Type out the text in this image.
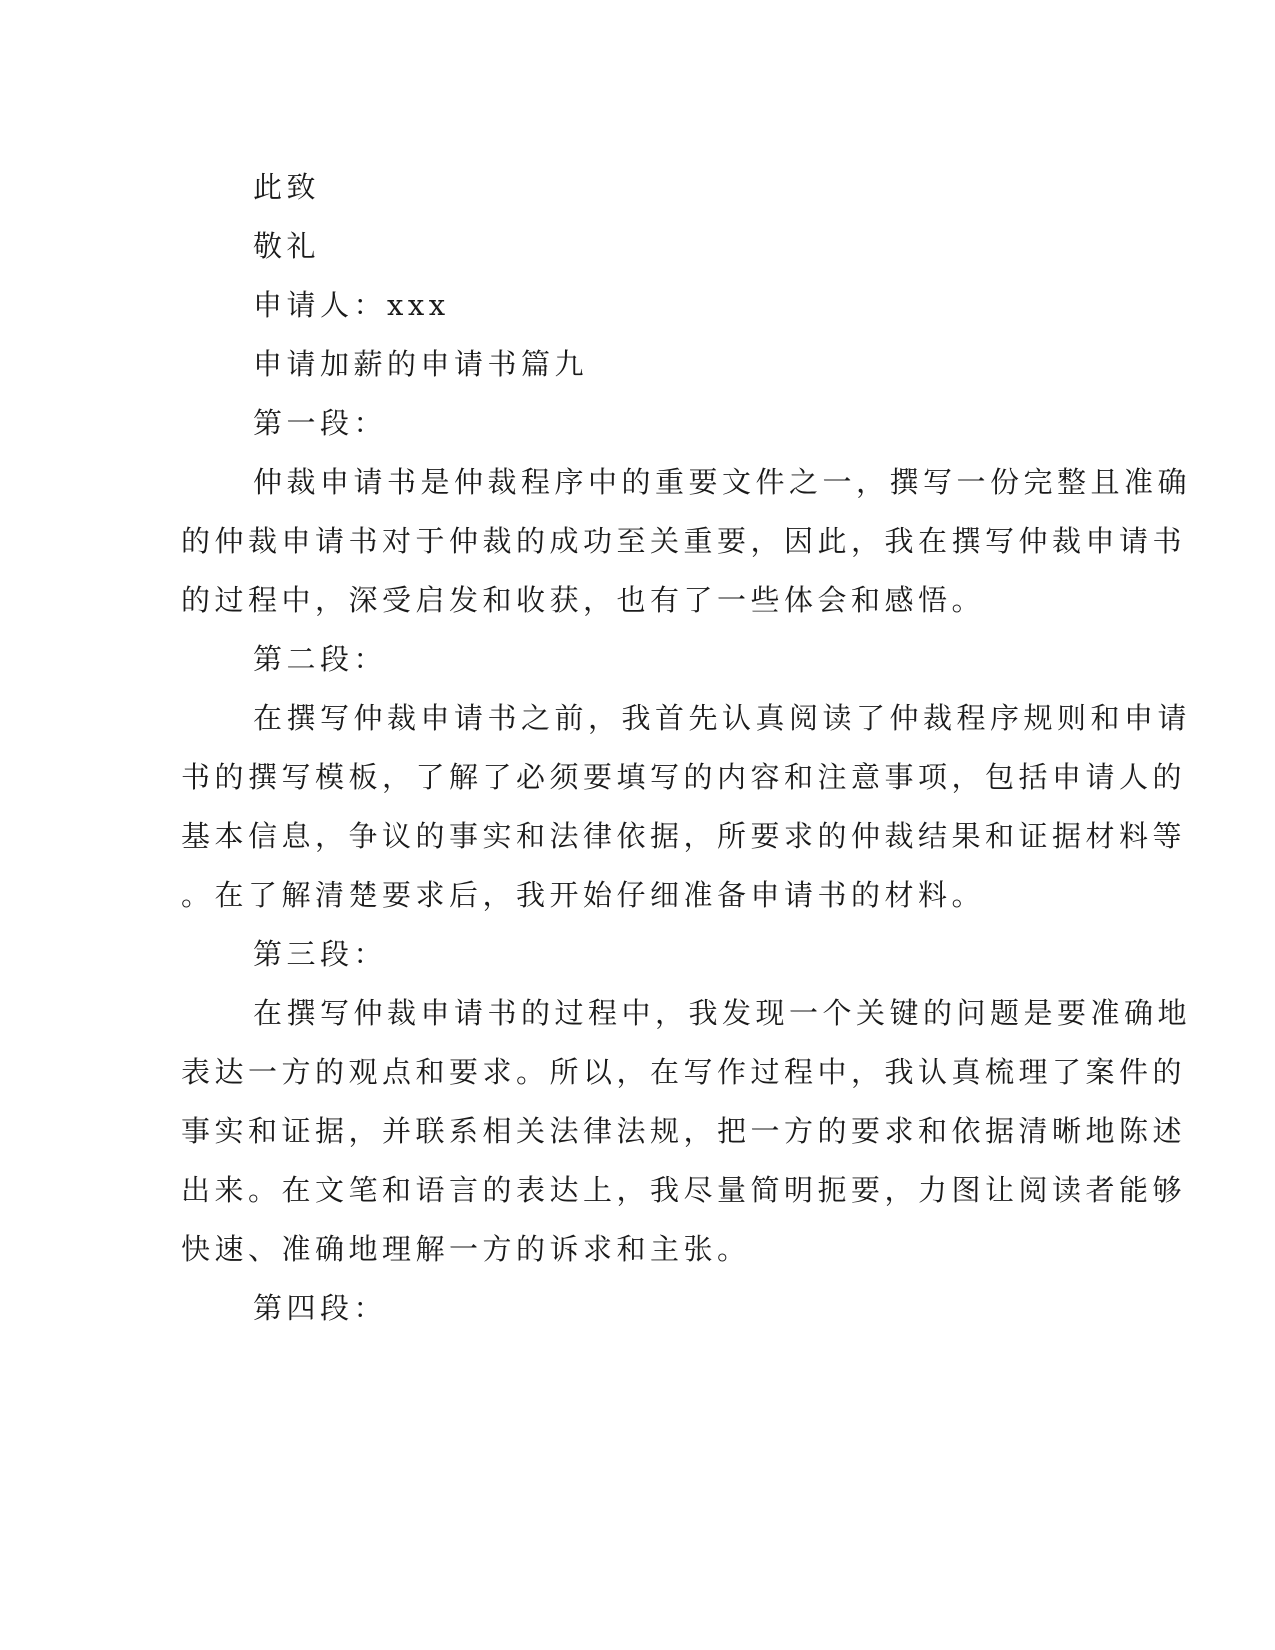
此致

敬礼

申请人：xxx

申请加薪的申请书篇九

第一段：

仲裁申请书是仲裁程序中的重要文件之一，撰写一份完整且准确
的仲裁申请书对于仲裁的成功至关重要，因此，我在撰写仲裁申请书
的过程中，深受启发和收获，也有了一些体会和感悟。

第二段：

在撰写仲裁申请书之前，我首先认真阅读了仲裁程序规则和申请
书的撰写模板，了解了必须要填写的内容和注意事项，包括申请人的
基本信息，争议的事实和法律依据，所要求的仲裁结果和证据材料等
。在了解清楚要求后，我开始仔细准备申请书的材料。

第三段：

在撰写仲裁申请书的过程中，我发现一个关键的问题是要准确地
表达一方的观点和要求。所以，在写作过程中，我认真梳理了案件的
事实和证据，并联系相关法律法规，把一方的要求和依据清晰地陈述
出来。在文笔和语言的表达上，我尽量简明扼要，力图让阅读者能够
快速、准确地理解一方的诉求和主张。

第四段：
